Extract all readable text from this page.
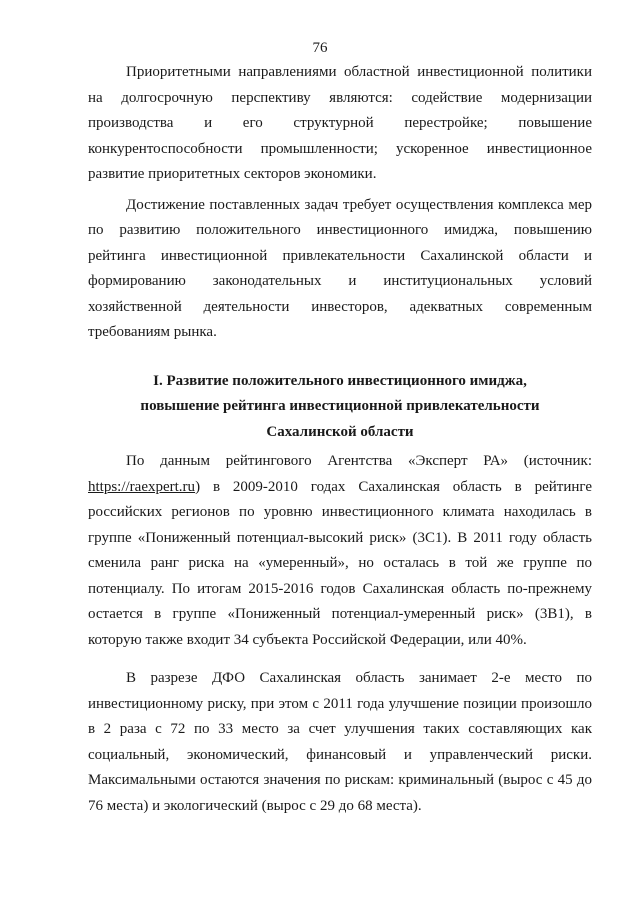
76

Приоритетными направлениями областной инвестиционной политики на долгосрочную перспективу являются: содействие модернизации производства и его структурной перестройке; повышение конкурентоспособности промышленности; ускоренное инвестиционное развитие приоритетных секторов экономики.

Достижение поставленных задач требует осуществления комплекса мер по развитию положительного инвестиционного имиджа, повышению рейтинга инвестиционной привлекательности Сахалинской области и формированию законодательных и институциональных условий хозяйственной деятельности инвесторов, адекватных современным требованиям рынка.

I. Развитие положительного инвестиционного имиджа,
повышение рейтинга инвестиционной привлекательности
Сахалинской области

По данным рейтингового Агентства «Эксперт РА» (источник: https://raexpert.ru) в 2009-2010 годах Сахалинская область в рейтинге российских регионов по уровню инвестиционного климата находилась в группе «Пониженный потенциал-высокий риск» (3С1). В 2011 году область сменила ранг риска на «умеренный», но осталась в той же группе по потенциалу. По итогам 2015-2016 годов Сахалинская область по-прежнему остается в группе «Пониженный потенциал-умеренный риск» (3В1), в которую также входит 34 субъекта Российской Федерации, или 40%.

В разрезе ДФО Сахалинская область занимает 2-е место по инвестиционному риску, при этом с 2011 года улучшение позиции произошло в 2 раза с 72 по 33 место за счет улучшения таких составляющих как социальный, экономический, финансовый и управленческий риски. Максимальными остаются значения по рискам: криминальный (вырос с 45 до 76 места) и экологический (вырос с 29 до 68 места).
